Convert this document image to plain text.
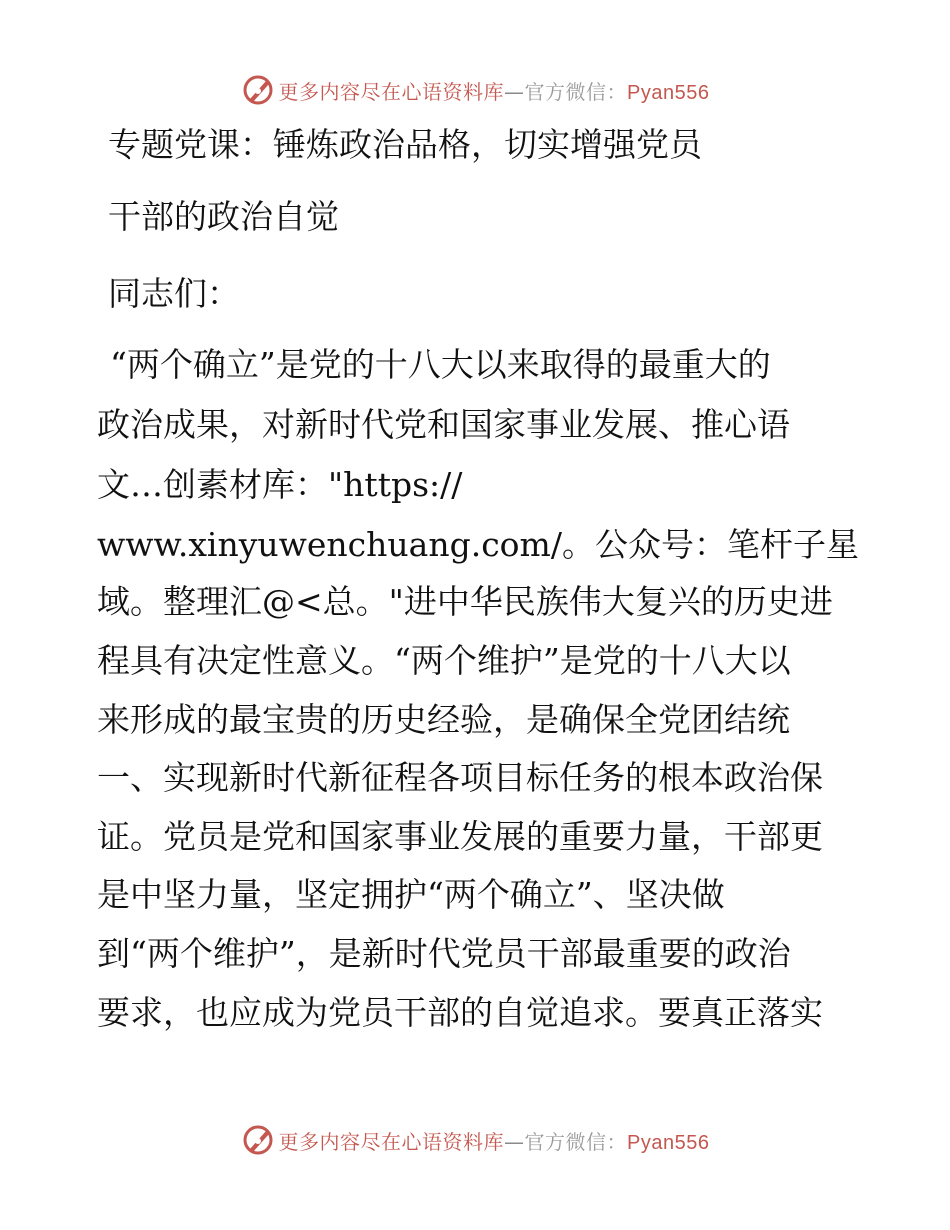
更多内容尽在心语资料库—官方微信：Pyan556
专题党课：锤炼政治品格，切实增强党员
干部的政治自觉
同志们：
“两个确立”是党的十八大以来取得的最重大的
政治成果，对新时代党和国家事业发展、推心语
文…创素材库："https://
www.xinyuwenchuang.com/。公众号：笔杆子星
域。整理汇@<总。"进中华民族伟大复兴的历史进
程具有决定性意义。“两个维护”是党的十八大以
来形成的最宝贵的历史经验，是确保全党团结统
一、实现新时代新征程各项目标任务的根本政治保
证。党员是党和国家事业发展的重要力量，干部更
是中坚力量，坚定拥护“两个确立”、坚决做
到“两个维护”，是新时代党员干部最重要的政治
要求，也应成为党员干部的自觉追求。要真正落实
更多内容尽在心语资料库—官方微信：Pyan556
